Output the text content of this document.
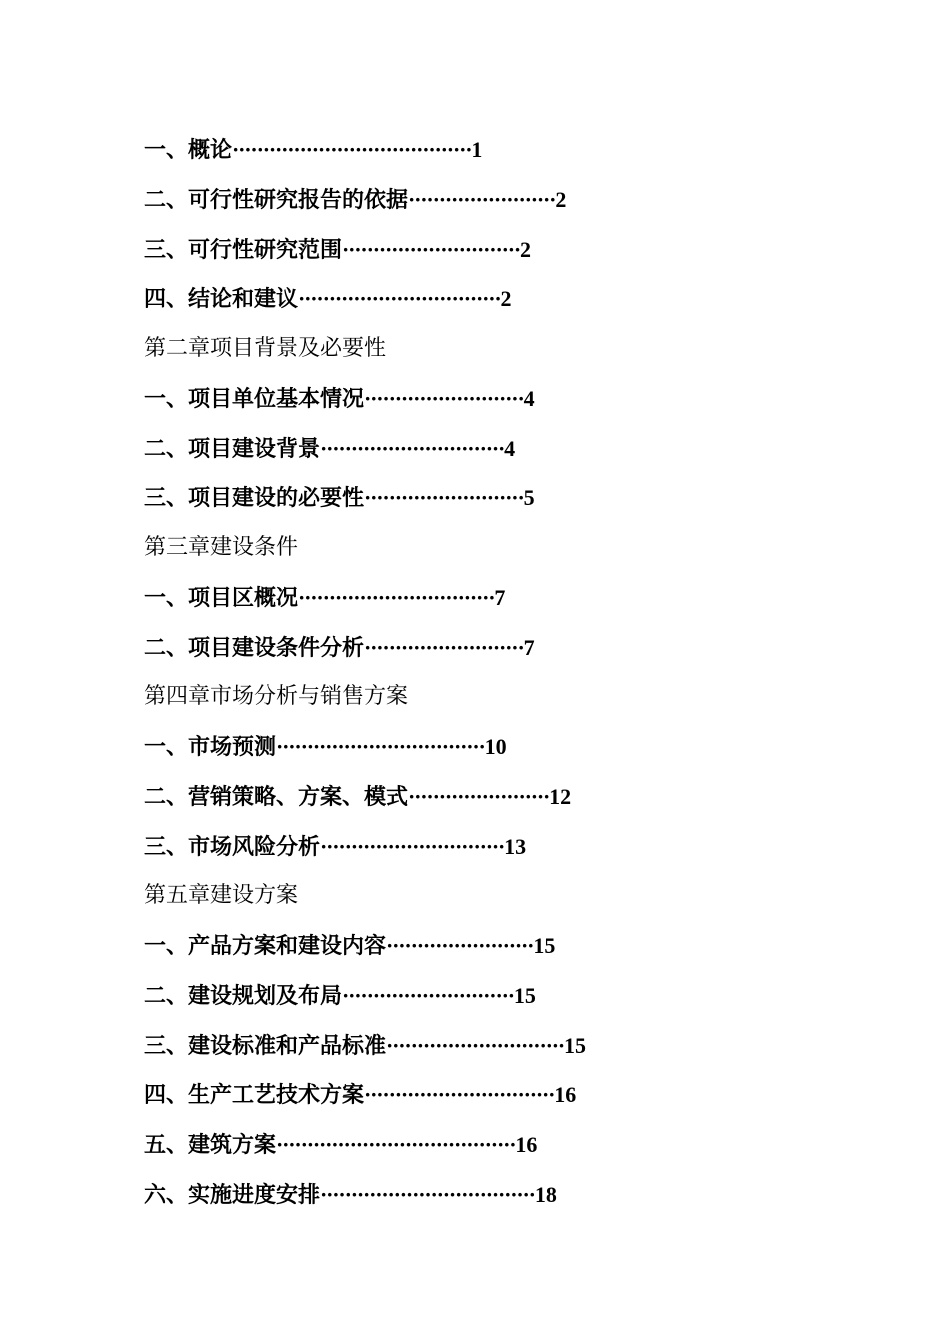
一、概论·······································1
二、可行性研究报告的依据························2
三、可行性研究范围·····························2
四、结论和建议·································2
第二章项目背景及必要性
一、项目单位基本情况··························4
二、项目建设背景······························4
三、项目建设的必要性··························5
第三章建设条件
一、项目区概况································7
二、项目建设条件分析··························7
第四章市场分析与销售方案
一、市场预测··································10
二、营销策略、方案、模式·······················12
三、市场风险分析······························13
第五章建设方案
一、产品方案和建设内容························15
二、建设规划及布局····························15
三、建设标准和产品标准·····························15
四、生产工艺技术方案·······························16
五、建筑方案·······································16
六、实施进度安排···································18
